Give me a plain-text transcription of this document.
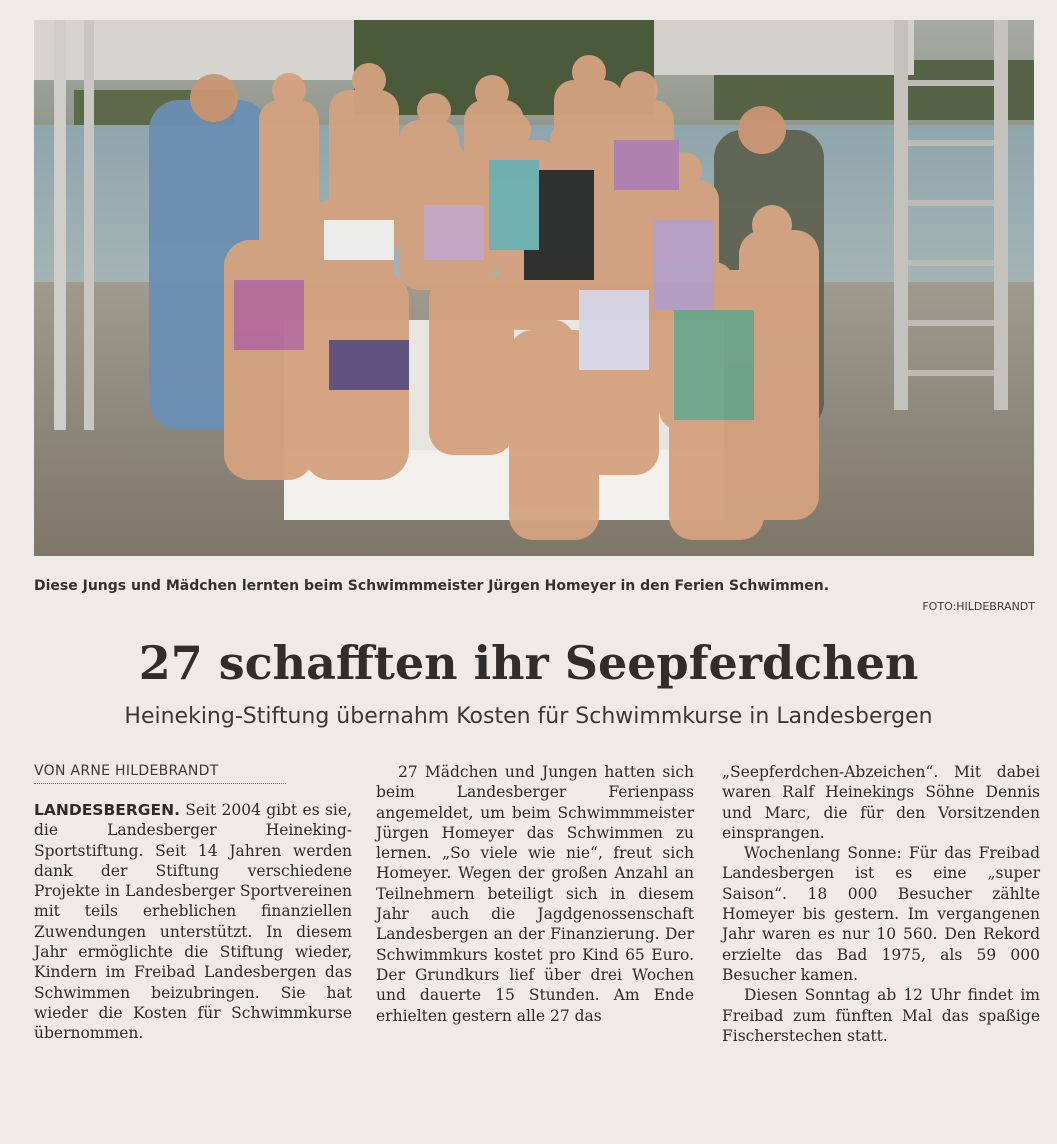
Diese Jungs und Mädchen lernten beim Schwimmmeister Jürgen Homeyer in den Ferien Schwimmen.
FOTO:HILDEBRANDT
27 schafften ihr Seepferdchen
Heineking-Stiftung übernahm Kosten für Schwimmkurse in Landesbergen
VON ARNE HILDEBRANDT

LANDESBERGEN. Seit 2004 gibt es sie, die Landesberger Heineking-Sportstiftung. Seit 14 Jahren werden dank der Stiftung verschiedene Projekte in Landesberger Sportvereinen mit teils erheblichen finanziellen Zuwendungen unterstützt. In diesem Jahr ermöglichte die Stiftung wieder, Kindern im Freibad Landesbergen das Schwimmen beizubringen. Sie hat wieder die Kosten für Schwimmkurse übernommen.

27 Mädchen und Jungen hatten sich beim Landesberger Ferienpass angemeldet, um beim Schwimmmeister Jürgen Homeyer das Schwimmen zu lernen. „So viele wie nie“, freut sich Homeyer. Wegen der großen Anzahl an Teilnehmern beteiligt sich in diesem Jahr auch die Jagdgenossenschaft Landesbergen an der Finanzierung. Der Schwimmkurs kostet pro Kind 65 Euro. Der Grundkurs lief über drei Wochen und dauerte 15 Stunden. Am Ende erhielten gestern alle 27 das

„Seepferdchen-Abzeichen“. Mit dabei waren Ralf Heinekings Söhne Dennis und Marc, die für den Vorsitzenden einsprangen.

Wochenlang Sonne: Für das Freibad Landesbergen ist es eine „super Saison“. 18 000 Besucher zählte Homeyer bis gestern. Im vergangenen Jahr waren es nur 10 560. Den Rekord erzielte das Bad 1975, als 59 000 Besucher kamen.

Diesen Sonntag ab 12 Uhr findet im Freibad zum fünften Mal das spaßige Fischerstechen statt.
